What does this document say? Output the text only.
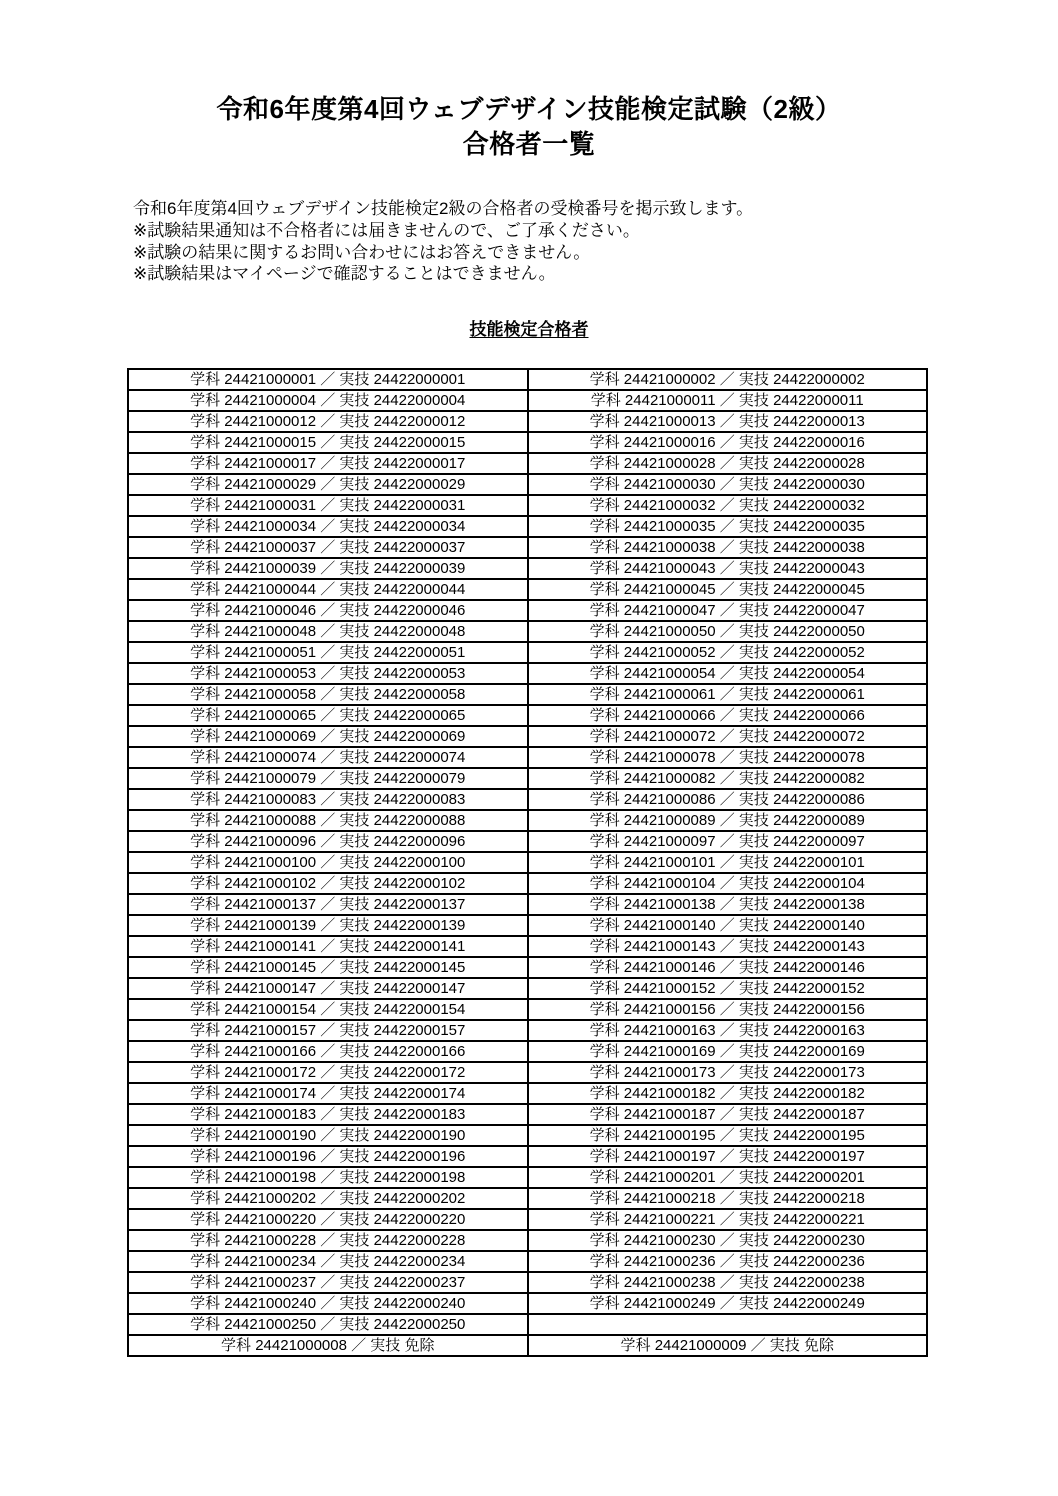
令和6年度第4回ウェブデザイン技能検定試験（2級）
合格者一覧

令和6年度第4回ウェブデザイン技能検定2級の合格者の受検番号を掲示致します。

※試験結果通知は不合格者には届きませんので、ご了承ください。

※試験の結果に関するお問い合わせにはお答えできません。

※試験結果はマイページで確認することはできません。

技能検定合格者
学科 24421000001 ／ 実技 24422000001	学科 24421000002 ／ 実技 24422000002
学科 24421000004 ／ 実技 24422000004	学科 24421000011 ／ 実技 24422000011
学科 24421000012 ／ 実技 24422000012	学科 24421000013 ／ 実技 24422000013
学科 24421000015 ／ 実技 24422000015	学科 24421000016 ／ 実技 24422000016
学科 24421000017 ／ 実技 24422000017	学科 24421000028 ／ 実技 24422000028
学科 24421000029 ／ 実技 24422000029	学科 24421000030 ／ 実技 24422000030
学科 24421000031 ／ 実技 24422000031	学科 24421000032 ／ 実技 24422000032
学科 24421000034 ／ 実技 24422000034	学科 24421000035 ／ 実技 24422000035
学科 24421000037 ／ 実技 24422000037	学科 24421000038 ／ 実技 24422000038
学科 24421000039 ／ 実技 24422000039	学科 24421000043 ／ 実技 24422000043
学科 24421000044 ／ 実技 24422000044	学科 24421000045 ／ 実技 24422000045
学科 24421000046 ／ 実技 24422000046	学科 24421000047 ／ 実技 24422000047
学科 24421000048 ／ 実技 24422000048	学科 24421000050 ／ 実技 24422000050
学科 24421000051 ／ 実技 24422000051	学科 24421000052 ／ 実技 24422000052
学科 24421000053 ／ 実技 24422000053	学科 24421000054 ／ 実技 24422000054
学科 24421000058 ／ 実技 24422000058	学科 24421000061 ／ 実技 24422000061
学科 24421000065 ／ 実技 24422000065	学科 24421000066 ／ 実技 24422000066
学科 24421000069 ／ 実技 24422000069	学科 24421000072 ／ 実技 24422000072
学科 24421000074 ／ 実技 24422000074	学科 24421000078 ／ 実技 24422000078
学科 24421000079 ／ 実技 24422000079	学科 24421000082 ／ 実技 24422000082
学科 24421000083 ／ 実技 24422000083	学科 24421000086 ／ 実技 24422000086
学科 24421000088 ／ 実技 24422000088	学科 24421000089 ／ 実技 24422000089
学科 24421000096 ／ 実技 24422000096	学科 24421000097 ／ 実技 24422000097
学科 24421000100 ／ 実技 24422000100	学科 24421000101 ／ 実技 24422000101
学科 24421000102 ／ 実技 24422000102	学科 24421000104 ／ 実技 24422000104
学科 24421000137 ／ 実技 24422000137	学科 24421000138 ／ 実技 24422000138
学科 24421000139 ／ 実技 24422000139	学科 24421000140 ／ 実技 24422000140
学科 24421000141 ／ 実技 24422000141	学科 24421000143 ／ 実技 24422000143
学科 24421000145 ／ 実技 24422000145	学科 24421000146 ／ 実技 24422000146
学科 24421000147 ／ 実技 24422000147	学科 24421000152 ／ 実技 24422000152
学科 24421000154 ／ 実技 24422000154	学科 24421000156 ／ 実技 24422000156
学科 24421000157 ／ 実技 24422000157	学科 24421000163 ／ 実技 24422000163
学科 24421000166 ／ 実技 24422000166	学科 24421000169 ／ 実技 24422000169
学科 24421000172 ／ 実技 24422000172	学科 24421000173 ／ 実技 24422000173
学科 24421000174 ／ 実技 24422000174	学科 24421000182 ／ 実技 24422000182
学科 24421000183 ／ 実技 24422000183	学科 24421000187 ／ 実技 24422000187
学科 24421000190 ／ 実技 24422000190	学科 24421000195 ／ 実技 24422000195
学科 24421000196 ／ 実技 24422000196	学科 24421000197 ／ 実技 24422000197
学科 24421000198 ／ 実技 24422000198	学科 24421000201 ／ 実技 24422000201
学科 24421000202 ／ 実技 24422000202	学科 24421000218 ／ 実技 24422000218
学科 24421000220 ／ 実技 24422000220	学科 24421000221 ／ 実技 24422000221
学科 24421000228 ／ 実技 24422000228	学科 24421000230 ／ 実技 24422000230
学科 24421000234 ／ 実技 24422000234	学科 24421000236 ／ 実技 24422000236
学科 24421000237 ／ 実技 24422000237	学科 24421000238 ／ 実技 24422000238
学科 24421000240 ／ 実技 24422000240	学科 24421000249 ／ 実技 24422000249
学科 24421000250 ／ 実技 24422000250	
学科 24421000008 ／ 実技 免除	学科 24421000009 ／ 実技 免除
